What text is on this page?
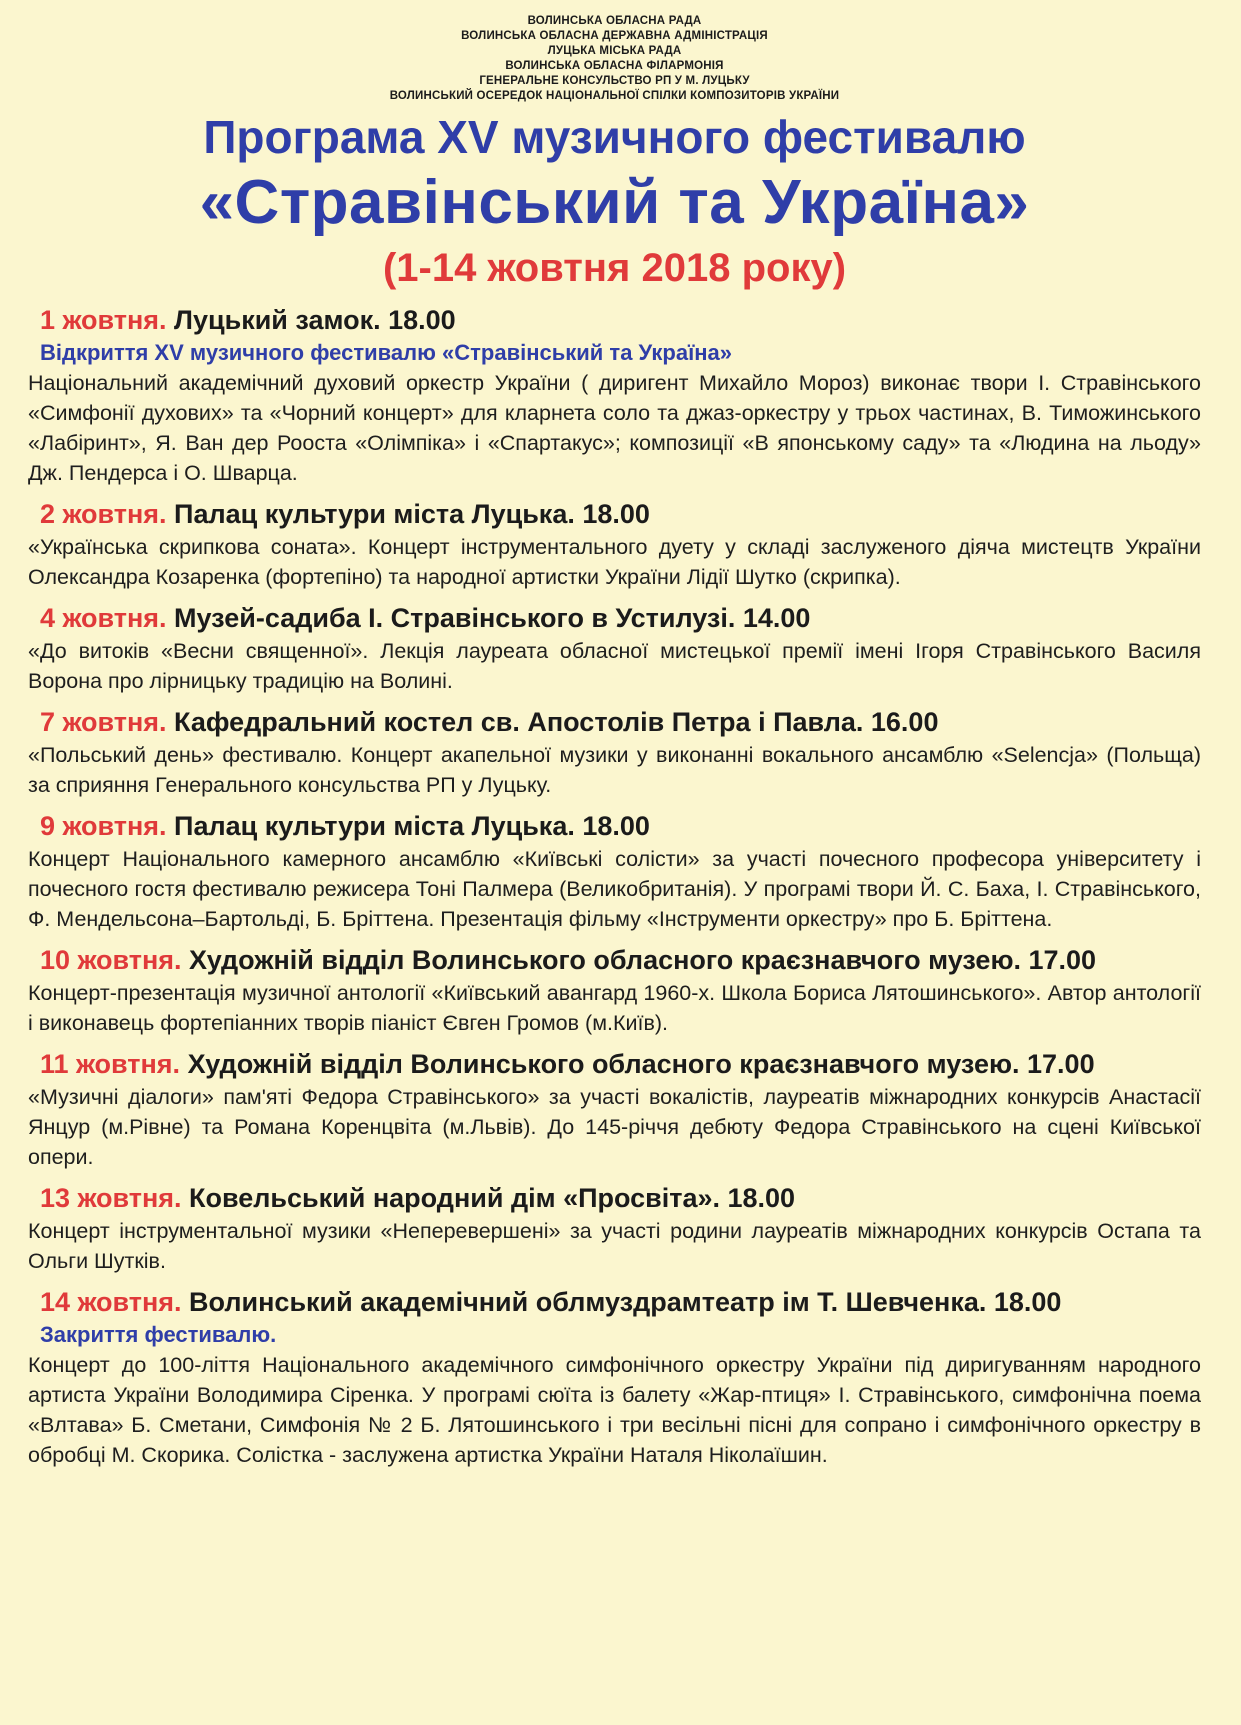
ВОЛИНСЬКА ОБЛАСНА РАДА
ВОЛИНСЬКА ОБЛАСНА ДЕРЖАВНА АДМІНІСТРАЦІЯ
ЛУЦЬКА МІСЬКА РАДА
ВОЛИНСЬКА ОБЛАСНА ФІЛАРМОНІЯ
ГЕНЕРАЛЬНЕ КОНСУЛЬСТВО РП У М. ЛУЦЬКУ
ВОЛИНСЬКИЙ ОСЕРЕДОК НАЦІОНАЛЬНОЇ СПІЛКИ КОМПОЗИТОРІВ УКРАЇНИ
Програма XV музичного фестивалю
«Стравінський та Україна»
(1-14 жовтня 2018 року)
1 жовтня. Луцький замок. 18.00
Відкриття XV музичного фестивалю «Стравінський та Україна»
Національний академічний духовий оркестр України ( диригент Михайло Мороз) виконає твори І. Стравінського «Симфонії духових» та «Чорний концерт» для кларнета соло та джаз-оркестру у трьох частинах, В. Тиможинського «Лабіринт», Я. Ван дер Рооста «Олімпіка» і «Спартакус»; композиції «В японському саду» та «Людина на льоду» Дж. Пендерса і О. Шварца.
2 жовтня. Палац культури міста Луцька. 18.00
«Українська скрипкова соната». Концерт інструментального дуету у складі заслуженого діяча мистецтв України Олександра Козаренка (фортепіно) та народної артистки України Лідії Шутко (скрипка).
4 жовтня. Музей-садиба І. Стравінського в Устилузі. 14.00
«До витоків «Весни священної». Лекція лауреата обласної мистецької премії імені Ігоря Стравінського Василя Ворона про лірницьку традицію на Волині.
7 жовтня. Кафедральний костел св. Апостолів Петра і Павла. 16.00
«Польський день» фестивалю. Концерт акапельної музики у виконанні вокального ансамблю «Selencja» (Польща) за сприяння Генерального консульства РП у Луцьку.
9 жовтня. Палац культури міста Луцька. 18.00
Концерт Національного камерного ансамблю «Київські солісти» за участі почесного професора університету і почесного гостя фестивалю режисера Тоні Палмера (Великобританія). У програмі твори Й. С. Баха, І. Стравінського, Ф. Мендельсона–Бартольді, Б. Бріттена. Презентація фільму «Інструменти оркестру» про Б. Бріттена.
10 жовтня. Художній відділ Волинського обласного краєзнавчого музею. 17.00
Концерт-презентація музичної антології «Київський авангард 1960-х. Школа Бориса Лятошинського». Автор антології і виконавець фортепіанних творів піаніст Євген Громов (м.Київ).
11 жовтня. Художній відділ Волинського обласного краєзнавчого музею. 17.00
«Музичні діалоги» пам'яті Федора Стравінського» за участі вокалістів, лауреатів міжнародних конкурсів Анастасії Янцур (м.Рівне) та Романа Коренцвіта (м.Львів). До 145-річчя дебюту Федора Стравінського на сцені Київської опери.
13 жовтня. Ковельський народний дім «Просвіта». 18.00
Концерт інструментальної музики «Неперевершені» за участі родини лауреатів міжнародних конкурсів Остапа та Ольги Шутків.
14 жовтня. Волинський академічний облмуздрамтеатр ім Т. Шевченка. 18.00
Закриття фестивалю.
Концерт до 100-ліття Національного академічного симфонічного оркестру України під диригуванням народного артиста України Володимира Сіренка. У програмі сюїта із балету «Жар-птиця» І. Стравінського, симфонічна поема «Влтава» Б. Сметани, Симфонія № 2 Б. Лятошинського і три весільні пісні для сопрано і симфонічного оркестру в обробці М. Скорика. Солістка - заслужена артистка України Наталя Ніколаїшин.
